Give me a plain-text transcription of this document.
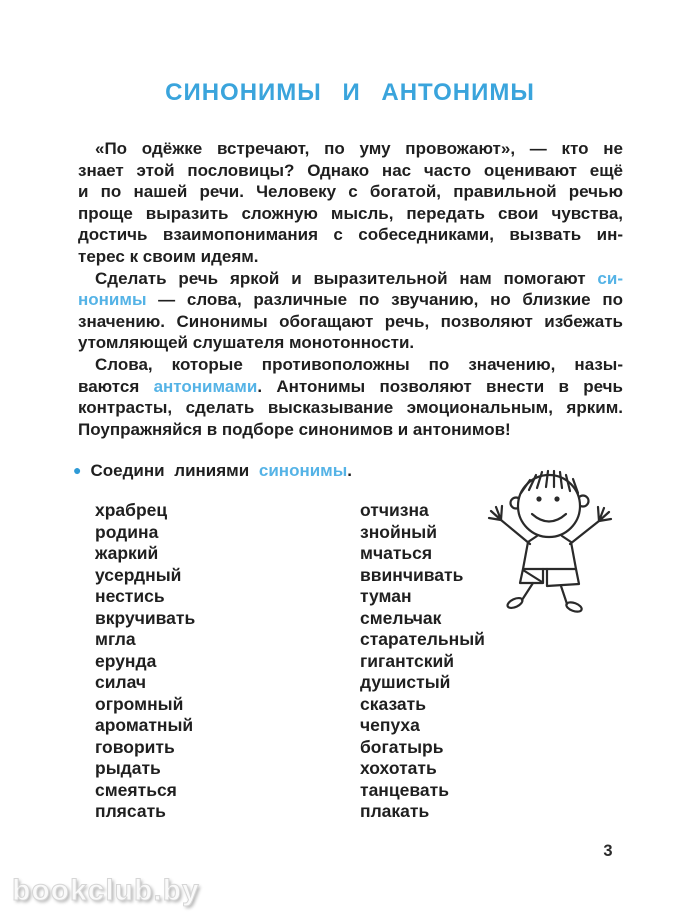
СИНОНИМЫ И АНТОНИМЫ
«По одёжке встречают, по уму провожают», — кто не
знает этой пословицы? Однако нас часто оценивают ещё
и по нашей речи. Человеку с богатой, правильной речью
проще выразить сложную мысль, передать свои чувства,
достичь взаимопонимания с собеседниками, вызвать ин-
терес к своим идеям.
Сделать речь яркой и выразительной нам помогают си-
нонимы — слова, различные по звучанию, но близкие по
значению. Синонимы обогащают речь, позволяют избежать
утомляющей слушателя монотонности.
Слова, которые противоположны по значению, назы-
ваются антонимами. Антонимы позволяют внести в речь
контрасты, сделать высказывание эмоциональным, ярким.
Поупражняйся в подборе синонимов и антонимов!
● Соедини линиями синонимы.
храбрец
родина
жаркий
усердный
нестись
вкручивать
мгла
ерунда
силач
огромный
ароматный
говорить
рыдать
смеяться
плясать
отчизна
знойный
мчаться
ввинчивать
туман
смельчак
старательный
гигантский
душистый
сказать
чепуха
богатырь
хохотать
танцевать
плакать
3
bookclub.by
